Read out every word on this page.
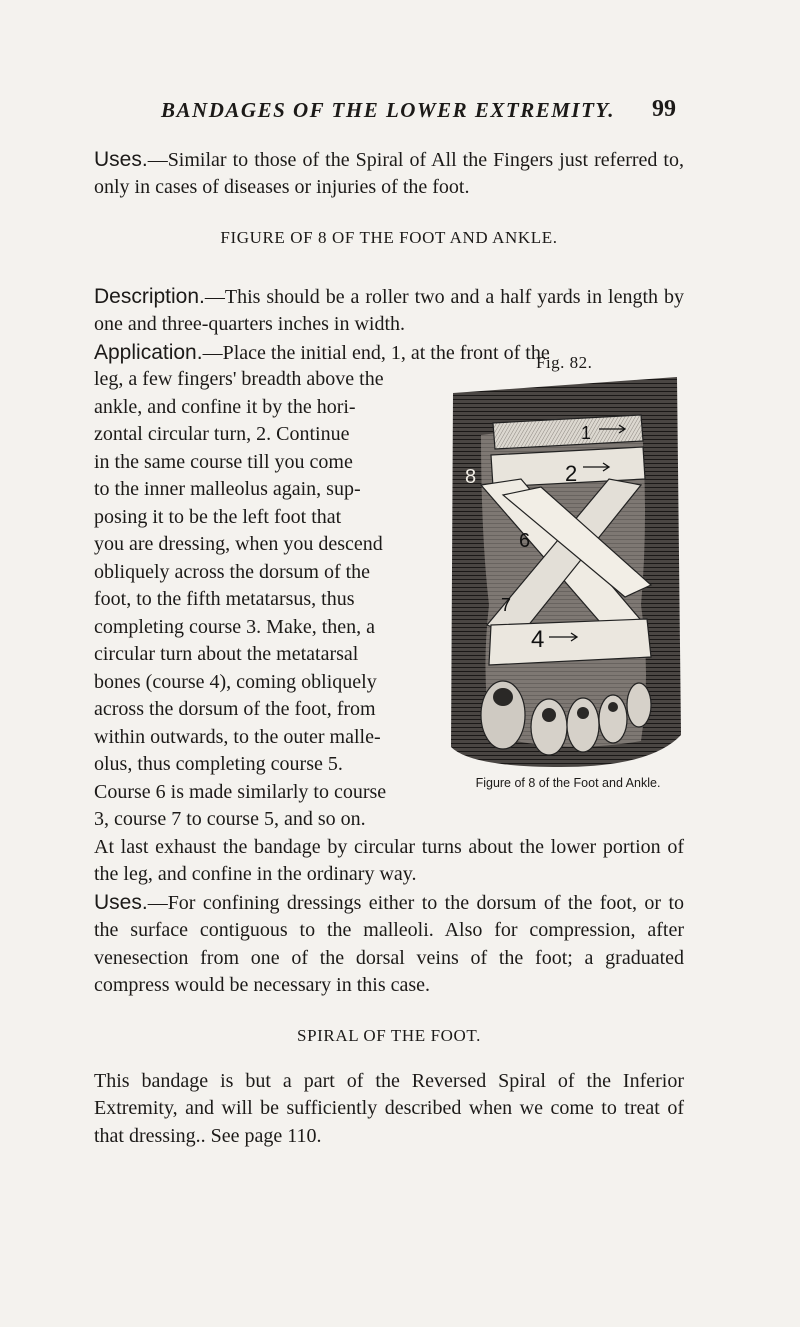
BANDAGES OF THE LOWER EXTREMITY.	99
Uses.—Similar to those of the Spiral of All the Fingers just referred to, only in cases of diseases or injuries of the foot.
FIGURE OF 8 OF THE FOOT AND ANKLE.
Description.—This should be a roller two and a half yards in length by one and three-quarters inches in width.
Application.—Place the initial end, 1, at the front of the
leg, a few fingers' breadth above the
ankle, and confine it by the hori-
zontal circular turn, 2. Continue
in the same course till you come
to the inner malleolus again, sup-
posing it to be the left foot that
you are dressing, when you descend
obliquely across the dorsum of the
foot, to the fifth metatarsus, thus
completing course 3. Make, then, a
circular turn about the metatarsal
bones (course 4), coming obliquely
across the dorsum of the foot, from
within outwards, to the outer malle-
olus, thus completing course 5.
Course 6 is made similarly to course
3, course 7 to course 5, and so on.
Fig. 82.
1
2
8
6
4
7
Figure of 8 of the Foot and Ankle.
At last exhaust the bandage by circular turns about the lower portion of the leg, and confine in the ordinary way.
Uses.—For confining dressings either to the dorsum of the foot, or to the surface contiguous to the malleoli. Also for compression, after venesection from one of the dorsal veins of the foot; a graduated compress would be necessary in this case.
SPIRAL OF THE FOOT.
This bandage is but a part of the Reversed Spiral of the Inferior Extremity, and will be sufficiently described when we come to treat of that dressing.. See page 110.
